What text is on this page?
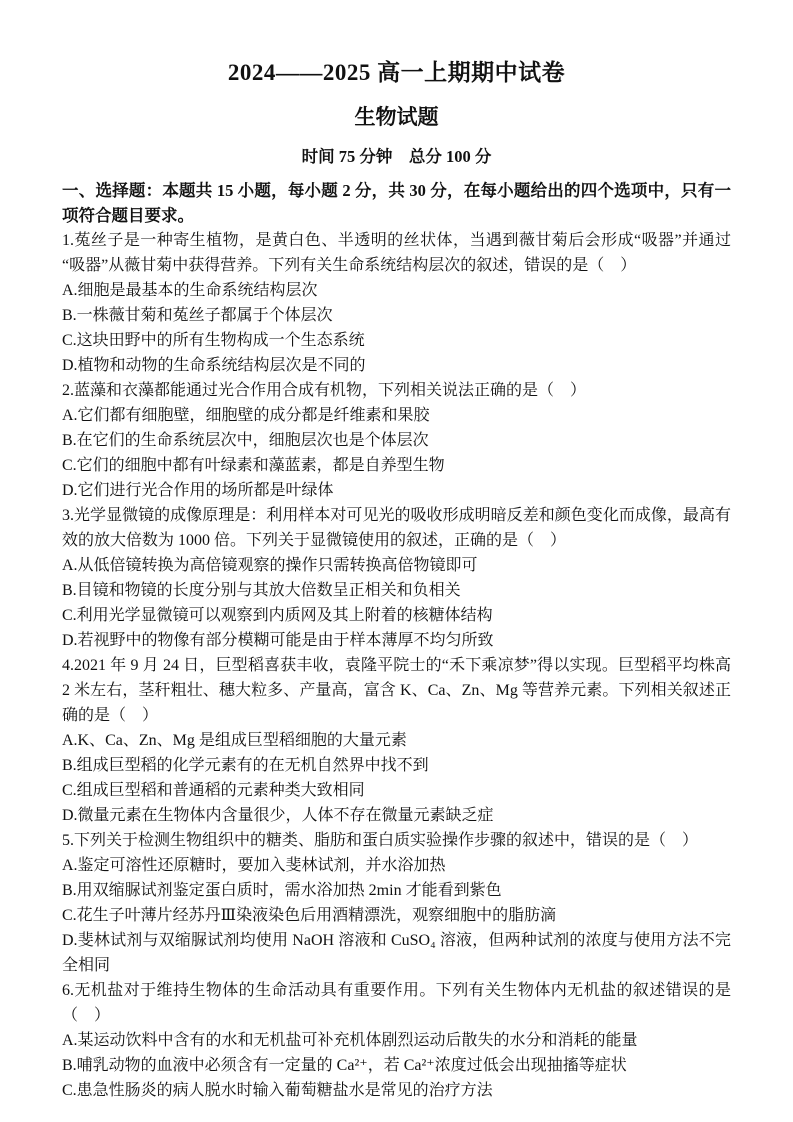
2024——2025 高一上期期中试卷
生物试题
时间 75 分钟　总分 100 分

一、选择题：本题共 15 小题，每小题 2 分，共 30 分，在每小题给出的四个选项中，只有一项符合题目要求。

1.菟丝子是一种寄生植物，是黄白色、半透明的丝状体，当遇到薇甘菊后会形成“吸器”并通过“吸器”从薇甘菊中获得营养。下列有关生命系统结构层次的叙述，错误的是（　）

A.细胞是最基本的生命系统结构层次

B.一株薇甘菊和菟丝子都属于个体层次

C.这块田野中的所有生物构成一个生态系统

D.植物和动物的生命系统结构层次是不同的

2.蓝藻和衣藻都能通过光合作用合成有机物，下列相关说法正确的是（　）

A.它们都有细胞壁，细胞壁的成分都是纤维素和果胶

B.在它们的生命系统层次中，细胞层次也是个体层次

C.它们的细胞中都有叶绿素和藻蓝素，都是自养型生物

D.它们进行光合作用的场所都是叶绿体

3.光学显微镜的成像原理是：利用样本对可见光的吸收形成明暗反差和颜色变化而成像，最高有效的放大倍数为 1000 倍。下列关于显微镜使用的叙述，正确的是（　）

A.从低倍镜转换为高倍镜观察的操作只需转换高倍物镜即可

B.目镜和物镜的长度分别与其放大倍数呈正相关和负相关

C.利用光学显微镜可以观察到内质网及其上附着的核糖体结构

D.若视野中的物像有部分模糊可能是由于样本薄厚不均匀所致

4.2021 年 9 月 24 日，巨型稻喜获丰收，袁隆平院士的“禾下乘凉梦”得以实现。巨型稻平均株高 2 米左右，茎秆粗壮、穗大粒多、产量高，富含 K、Ca、Zn、Mg 等营养元素。下列相关叙述正确的是（　）

A.K、Ca、Zn、Mg 是组成巨型稻细胞的大量元素

B.组成巨型稻的化学元素有的在无机自然界中找不到

C.组成巨型稻和普通稻的元素种类大致相同

D.微量元素在生物体内含量很少，人体不存在微量元素缺乏症

5.下列关于检测生物组织中的糖类、脂肪和蛋白质实验操作步骤的叙述中，错误的是（　）

A.鉴定可溶性还原糖时，要加入斐林试剂，并水浴加热

B.用双缩脲试剂鉴定蛋白质时，需水浴加热 2min 才能看到紫色

C.花生子叶薄片经苏丹Ⅲ染液染色后用酒精漂洗，观察细胞中的脂肪滴

D.斐林试剂与双缩脲试剂均使用 NaOH 溶液和 CuSO₄ 溶液，但两种试剂的浓度与使用方法不完全相同

6.无机盐对于维持生物体的生命活动具有重要作用。下列有关生物体内无机盐的叙述错误的是（　）

A.某运动饮料中含有的水和无机盐可补充机体剧烈运动后散失的水分和消耗的能量

B.哺乳动物的血液中必须含有一定量的 Ca²⁺，若 Ca²⁺浓度过低会出现抽搐等症状

C.患急性肠炎的病人脱水时输入葡萄糖盐水是常见的治疗方法
